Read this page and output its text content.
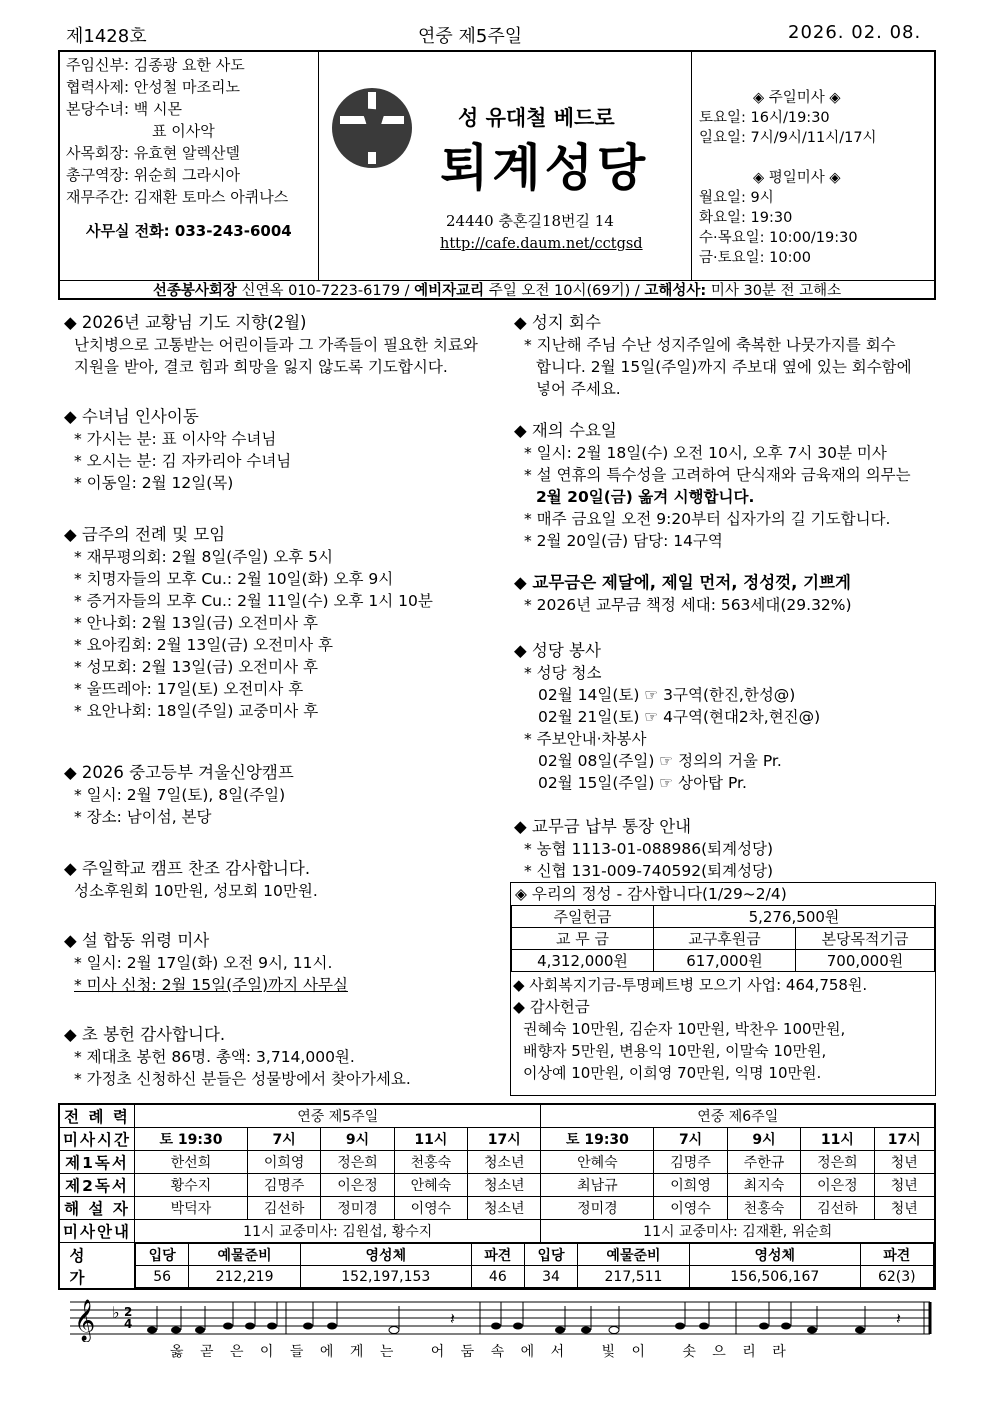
제1428호	연중 제5주일	2026. 02. 08.
주임신부: 김종광 요한 사도
협력사제: 안성철 마조리노
본당수녀: 백 시몬
표 이사악
사목회장: 유효현 알렉산델
총구역장: 위순희 그라시아
재무주간: 김재환 토마스 아퀴나스
사무실 전화: 033-243-6004
성 유대철 베드로
퇴계성당
24440 충혼길18번길 14
http://cafe.daum.net/cctgsd
◈ 주일미사 ◈
토요일: 16시/19:30
일요일: 7시/9시/11시/17시
◈ 평일미사 ◈
월요일: 9시
화요일: 19:30
수·목요일: 10:00/19:30
금·토요일: 10:00
선종봉사회장 신연옥 010-7223-6179 / 예비자교리 주일 오전 10시(69기) / 고해성사: 미사 30분 전 고해소
◆ 2026년 교황님 기도 지향(2월)
난치병으로 고통받는 어린이들과 그 가족들이 필요한 치료와
지원을 받아, 결코 힘과 희망을 잃지 않도록 기도합시다.
◆ 수녀님 인사이동
* 가시는 분: 표 이사악 수녀님
* 오시는 분: 김 자카리아 수녀님
* 이동일: 2월 12일(목)
◆ 금주의 전례 및 모임
* 재무평의회: 2월 8일(주일) 오후 5시
* 치명자들의 모후 Cu.: 2월 10일(화) 오후 9시
* 증거자들의 모후 Cu.: 2월 11일(수) 오후 1시 10분
* 안나회: 2월 13일(금) 오전미사 후
* 요아킴회: 2월 13일(금) 오전미사 후
* 성모회: 2월 13일(금) 오전미사 후
* 울뜨레아: 17일(토) 오전미사 후
* 요안나회: 18일(주일) 교중미사 후
◆ 2026 중고등부 겨울신앙캠프
* 일시: 2월 7일(토), 8일(주일)
* 장소: 남이섬, 본당
◆ 주일학교 캠프 찬조 감사합니다.
성소후원회 10만원, 성모회 10만원.
◆ 설 합동 위령 미사
* 일시: 2월 17일(화) 오전 9시, 11시.
* 미사 신청: 2월 15일(주일)까지 사무실
◆ 초 봉헌 감사합니다.
* 제대초 봉헌 86명. 총액: 3,714,000원.
* 가정초 신청하신 분들은 성물방에서 찾아가세요.
◆ 성지 회수
* 지난해 주님 수난 성지주일에 축복한 나뭇가지를 회수
합니다. 2월 15일(주일)까지 주보대 옆에 있는 회수함에
넣어 주세요.
◆ 재의 수요일
* 일시: 2월 18일(수) 오전 10시, 오후 7시 30분 미사
* 설 연휴의 특수성을 고려하여 단식재와 금육재의 의무는
2월 20일(금) 옮겨 시행합니다.
* 매주 금요일 오전 9:20부터 십자가의 길 기도합니다.
* 2월 20일(금) 담당: 14구역
◆ 교무금은 제달에, 제일 먼저, 정성껏, 기쁘게
* 2026년 교무금 책정 세대: 563세대(29.32%)
◆ 성당 봉사
* 성당 청소
02월 14일(토) ☞ 3구역(한진,한성@)
02월 21일(토) ☞ 4구역(현대2차,현진@)
* 주보안내·차봉사
02월 08일(주일) ☞ 정의의 거울 Pr.
02월 15일(주일) ☞ 상아탑 Pr.
◆ 교무금 납부 통장 안내
* 농협 1113-01-088986(퇴계성당)
* 신협 131-009-740592(퇴계성당)
◈ 우리의 정성 - 감사합니다(1/29~2/4)
주일헌금	5,276,500원	
교 무 금	교구후원금	본당목적기금
4,312,000원	617,000원	700,000원
◆ 사회복지기금-투명페트병 모으기 사업: 464,758원.
◆ 감사헌금
권혜숙 10만원, 김순자 10만원, 박찬우 100만원,
배향자 5만원, 변용익 10만원, 이말숙 10만원,
이상예 10만원, 이희영 70만원, 익명 10만원.
전 례 력	연중 제5주일	연중 제6주일
미사시간	토 19:30	7시	9시	11시	17시	토 19:30	7시	9시	11시	17시
제1독서	한선희	이희영	정은희	천홍숙	청소년	안혜숙	김명주	주한규	정은희	청년
제2독서	황수지	김명주	이은정	안혜숙	청소년	최남규	이희영	최지숙	이은정	청년
해 설 자	박덕자	김선하	정미경	이영수	청소년	정미경	이영수	천홍숙	김선하	청년
미사안내	11시 교중미사: 김원섭, 황수지	11시 교중미사: 김재환, 위순희
성 가	
입당	예물준비	영성체	파견	입당	예물준비	영성체	파견
56	212,219	152,197,153	46	34	217,511	156,506,167	62(3)
𝄞 ♭ 2
4	𝄽	𝄽
옳 곧 은 이 들 에 게 는   어 둠 속 에 서   빛 이   솟 으 리 라
